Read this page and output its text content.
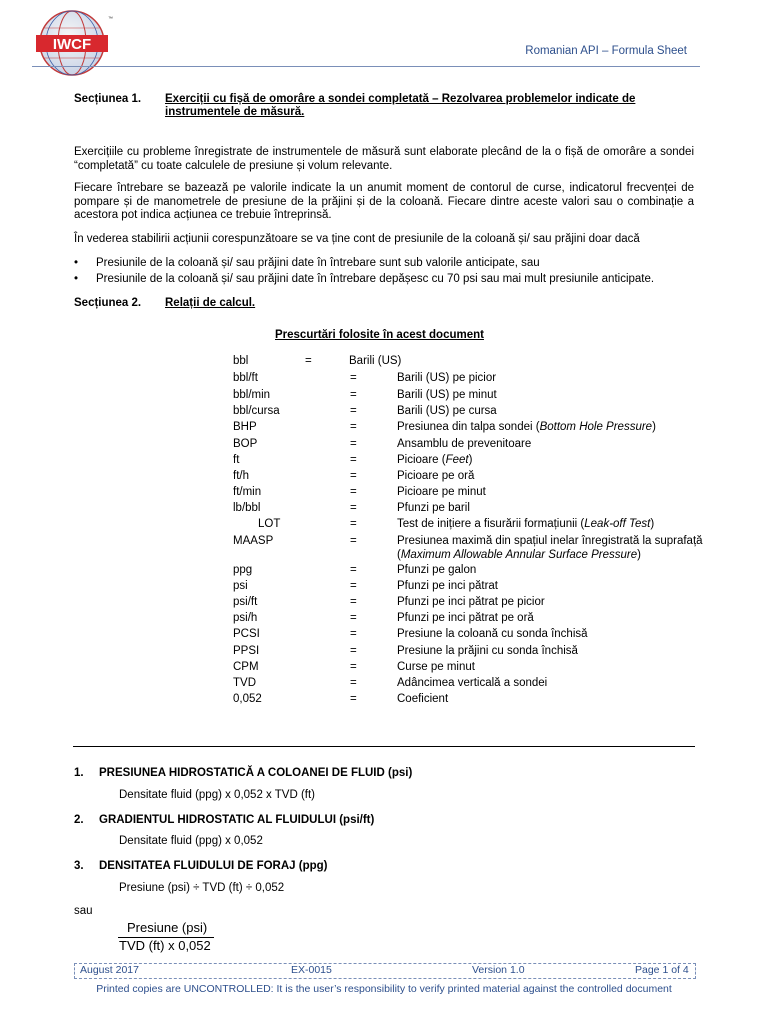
IWCF
™
Romanian API – Formula Sheet
Secțiunea 1. Exerciții cu fișă de omorâre a sondei completată – Rezolvarea problemelor indicate de instrumentele de măsură.

Exercițiile cu probleme înregistrate de instrumentele de măsură sunt elaborate plecând de la o fișă de omorâre a sondei “completată” cu toate calculele de presiune și volum relevante.

Fiecare întrebare se bazează pe valorile indicate la un anumit moment de contorul de curse, indicatorul frecvenței de pompare și de manometrele de presiune de la prăjini și de la coloană. Fiecare dintre aceste valori sau o combinație a acestora pot indica acțiunea ce trebuie întreprinsă.

În vederea stabilirii acțiunii corespunzătoare se va ține cont de presiunile de la coloană și/ sau prăjini doar dacă

• Presiunile de la coloană și/ sau prăjini date în întrebare sunt sub valorile anticipate, sau
• Presiunile de la coloană și/ sau prăjini date în întrebare depășesc cu 70 psi sau mai mult presiunile anticipate.
Secțiunea 2. Relații de calcul.
Prescurtări folosite în acest document
bbl	=	Barili (US)
bbl/ft	=	Barili (US) pe picior
bbl/min	=	Barili (US) pe minut
bbl/cursa	=	Barili (US) pe cursa
BHP	=	Presiunea din talpa sondei (Bottom Hole Pressure)
BOP	=	Ansamblu de prevenitoare
ft	=	Picioare (Feet)
ft/h	=	Picioare pe oră
ft/min	=	Picioare pe minut
lb/bbl	=	Pfunzi pe baril
LOT	=	Test de inițiere a fisurării formațiunii (Leak-off Test)
MAASP	=	Presiunea maximă din spațiul inelar înregistrată la suprafață
(Maximum Allowable Annular Surface Pressure)
ppg	=	Pfunzi pe galon
psi	=	Pfunzi pe inci pătrat
psi/ft	=	Pfunzi pe inci pătrat pe picior
psi/h	=	Pfunzi pe inci pătrat pe oră
PCSI	=	Presiune la coloană cu sonda închisă
PPSI	=	Presiune la prăjini cu sonda închisă
CPM	=	Curse pe minut
TVD	=	Adâncimea verticală a sondei
0,052	=	Coeficient
1. PRESIUNEA HIDROSTATICĂ A COLOANEI DE FLUID (psi)
Densitate fluid (ppg) x 0,052 x TVD (ft)
2. GRADIENTUL HIDROSTATIC AL FLUIDULUI (psi/ft)
Densitate fluid (ppg) x 0,052
3. DENSITATEA FLUIDULUI DE FORAJ (ppg)
Presiune (psi) ÷ TVD (ft) ÷ 0,052
sau
Presiune (psi)
TVD (ft) x 0,052
August 2017	EX-0015	Version 1.0	Page 1 of 4
Printed copies are UNCONTROLLED: It is the user’s responsibility to verify printed material against the controlled document
